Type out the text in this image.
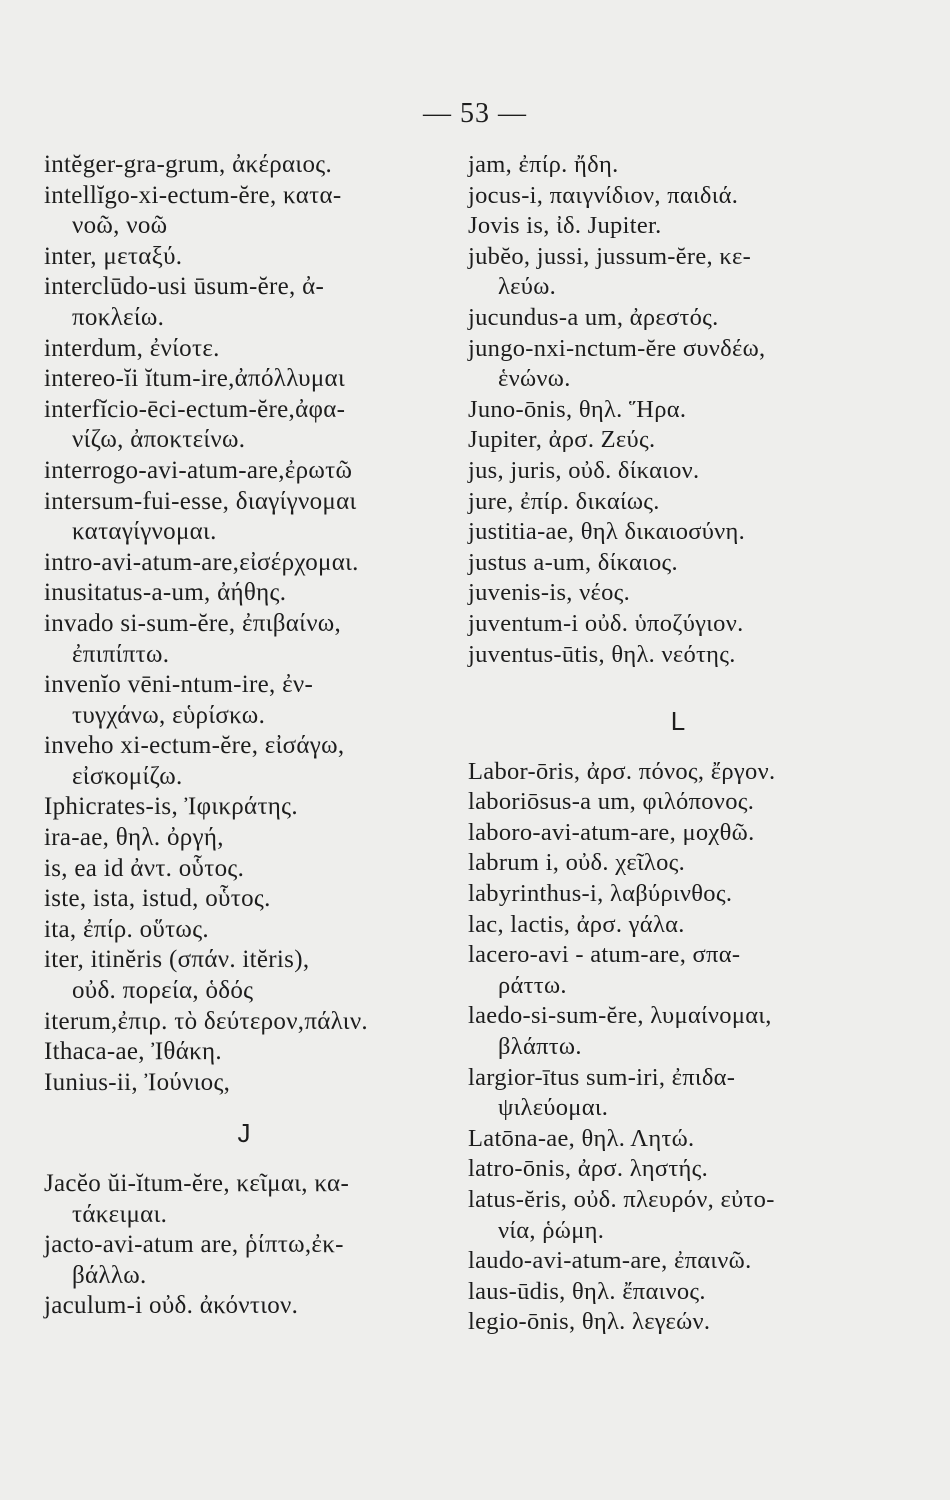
— 53 —
intĕger-gra-grum, ἀκέραιος.
intellĭgo-xi-ectum-ĕre, κατα-
νοῶ, νοῶ
inter, μεταξύ.
interclūdo-usi ūsum-ĕre, ἀ-
ποκλείω.
interdum, ἐνίοτε.
intereo-ĭi ĭtum-ire,ἀπόλλυμαι
interfĭcio-ēci-ectum-ĕre,ἀφα-
νίζω, ἀποκτείνω.
interrogo-avi-atum-are,ἐρωτῶ
intersum-fui-esse, διαγίγνομαι
καταγίγνομαι.
intro-avi-atum-are,εἰσέρχομαι.
inusitatus-a-um, ἀήθης.
invado si-sum-ĕre, ἐπιβαίνω,
ἐπιπίπτω.
invenĭo vēni-ntum-ire, ἐν-
τυγχάνω, εὑρίσκω.
inveho xi-ectum-ĕre, εἰσάγω,
εἰσκομίζω.
Iphicrates-is, Ἰφικράτης.
ira-ae, θηλ. ὀργή,
is, ea id ἀντ. οὗτος.
iste, ista, istud, οὗτος.
ita, ἐπίρ. οὕτως.
iter, itinĕris (σπάν. itĕris),
οὐδ. πορεία, ὁδός
iterum,ἐπιρ. τὸ δεύτερον,πάλιν.
Ithaca-ae, Ἰθάκη.
Iunius-ii, Ἰούνιος,
J
Jacĕo ŭi-ĭtum-ĕre, κεῖμαι, κα-
τάκειμαι.
jacto-avi-atum are, ῥίπτω,ἐκ-
βάλλω.
jaculum-i οὐδ. ἀκόντιον.
jam, ἐπίρ. ἤδη.
jocus-i, παιγνίδιον, παιδιά.
Jovis is, ἰδ. Jupiter.
jubĕo, jussi, jussum-ĕre, κε-
λεύω.
jucundus-a um, ἀρεστός.
jungo-nxi-nctum-ĕre συνδέω,
ἑνώνω.
Juno-ōnis, θηλ. Ἥρα.
Jupiter, ἀρσ. Ζεύς.
jus, juris, οὐδ. δίκαιον.
jure, ἐπίρ. δικαίως.
justitia-ae, θηλ δικαιοσύνη.
justus a-um, δίκαιος.
juvenis-is, νέος.
juventum-i οὐδ. ὑποζύγιον.
juventus-ūtis, θηλ. νεότης.
L
Labor-ōris, ἀρσ. πόνος, ἔργον.
laboriōsus-a um, φιλόπονος.
laboro-avi-atum-are, μοχθῶ.
labrum i, οὐδ. χεῖλος.
labyrinthus-i, λαβύρινθος.
lac, lactis, ἀρσ. γάλα.
lacero-avi - atum-are, σπα-
ράττω.
laedo-si-sum-ĕre, λυμαίνομαι,
βλάπτω.
largior-ītus sum-iri, ἐπιδα-
ψιλεύομαι.
Latōna-ae, θηλ. Λητώ.
latro-ōnis, ἀρσ. ληστής.
latus-ĕris, οὐδ. πλευρόν, εὐτο-
νία, ῥώμη.
laudo-avi-atum-are, ἐπαινῶ.
laus-ūdis, θηλ. ἔπαινος.
legio-ōnis, θηλ. λεγεών.
